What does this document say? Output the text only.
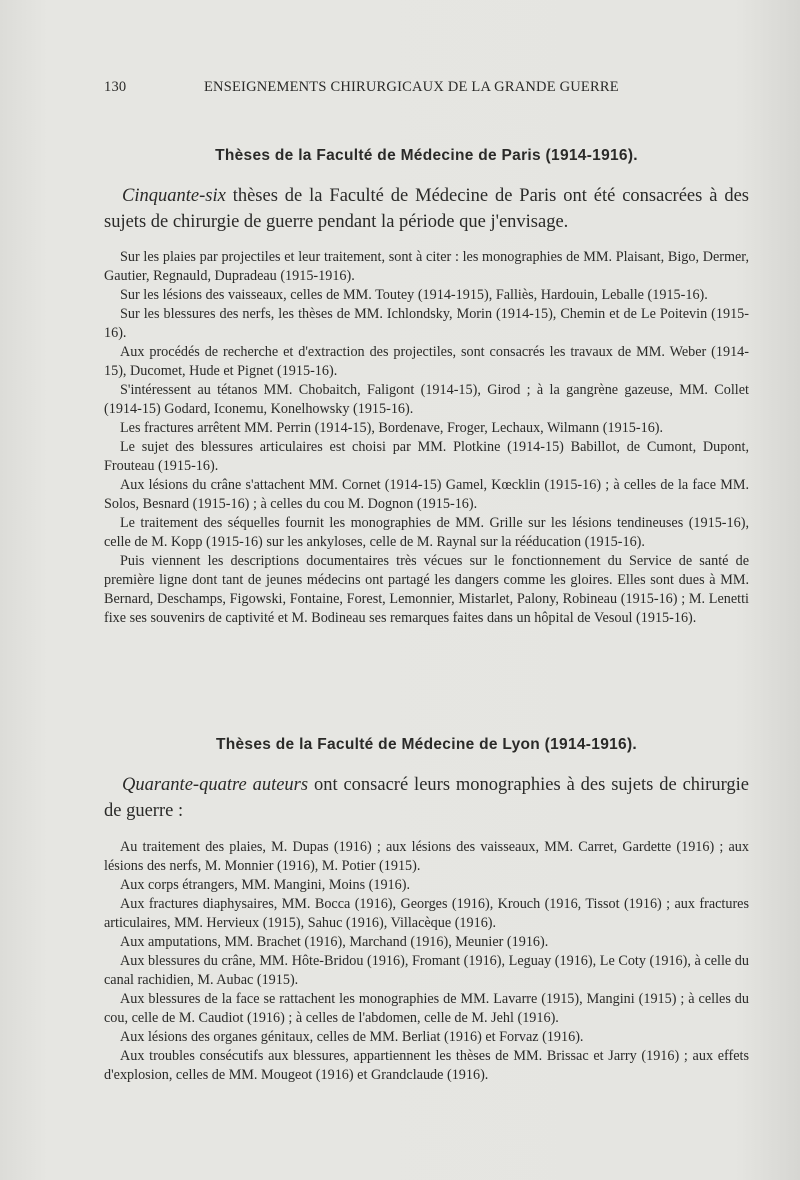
130	ENSEIGNEMENTS CHIRURGICAUX DE LA GRANDE GUERRE
Thèses de la Faculté de Médecine de Paris (1914-1916).

Cinquante-six thèses de la Faculté de Médecine de Paris ont été consacrées à des sujets de chirurgie de guerre pendant la période que j'envisage.

Sur les plaies par projectiles et leur traitement, sont à citer : les monographies de MM. Plaisant, Bigo, Dermer, Gautier, Regnauld, Dupradeau (1915-1916).

Sur les lésions des vaisseaux, celles de MM. Toutey (1914-1915), Falliès, Hardouin, Leballe (1915-16).

Sur les blessures des nerfs, les thèses de MM. Ichlondsky, Morin (1914-15), Chemin et de Le Poitevin (1915-16).

Aux procédés de recherche et d'extraction des projectiles, sont consacrés les travaux de MM. Weber (1914-15), Ducomet, Hude et Pignet (1915-16).

S'intéressent au tétanos MM. Chobaitch, Faligont (1914-15), Girod ; à la gangrène gazeuse, MM. Collet (1914-15) Godard, Iconemu, Konelhowsky (1915-16).

Les fractures arrêtent MM. Perrin (1914-15), Bordenave, Froger, Lechaux, Wilmann (1915-16).

Le sujet des blessures articulaires est choisi par MM. Plotkine (1914-15) Babillot, de Cumont, Dupont, Frouteau (1915-16).

Aux lésions du crâne s'attachent MM. Cornet (1914-15) Gamel, Kœcklin (1915-16) ; à celles de la face MM. Solos, Besnard (1915-16) ; à celles du cou M. Dognon (1915-16).

Le traitement des séquelles fournit les monographies de MM. Grille sur les lésions tendineuses (1915-16), celle de M. Kopp (1915-16) sur les ankyloses, celle de M. Raynal sur la rééducation (1915-16).

Puis viennent les descriptions documentaires très vécues sur le fonctionnement du Service de santé de première ligne dont tant de jeunes médecins ont partagé les dangers comme les gloires. Elles sont dues à MM. Bernard, Deschamps, Figowski, Fontaine, Forest, Lemonnier, Mistarlet, Palony, Robineau (1915-16) ; M. Lenetti fixe ses souvenirs de captivité et M. Bodineau ses remarques faites dans un hôpital de Vesoul (1915-16).

Thèses de la Faculté de Médecine de Lyon (1914-1916).

Quarante-quatre auteurs ont consacré leurs monographies à des sujets de chirurgie de guerre :

Au traitement des plaies, M. Dupas (1916) ; aux lésions des vaisseaux, MM. Carret, Gardette (1916) ; aux lésions des nerfs, M. Monnier (1916), M. Potier (1915).

Aux corps étrangers, MM. Mangini, Moins (1916).

Aux fractures diaphysaires, MM. Bocca (1916), Georges (1916), Krouch (1916, Tissot (1916) ; aux fractures articulaires, MM. Hervieux (1915), Sahuc (1916), Villacèque (1916).

Aux amputations, MM. Brachet (1916), Marchand (1916), Meunier (1916).

Aux blessures du crâne, MM. Hôte-Bridou (1916), Fromant (1916), Leguay (1916), Le Coty (1916), à celle du canal rachidien, M. Aubac (1915).

Aux blessures de la face se rattachent les monographies de MM. Lavarre (1915), Mangini (1915) ; à celles du cou, celle de M. Caudiot (1916) ; à celles de l'abdomen, celle de M. Jehl (1916).

Aux lésions des organes génitaux, celles de MM. Berliat (1916) et Forvaz (1916).

Aux troubles consécutifs aux blessures, appartiennent les thèses de MM. Brissac et Jarry (1916) ; aux effets d'explosion, celles de MM. Mougeot (1916) et Grandclaude (1916).
